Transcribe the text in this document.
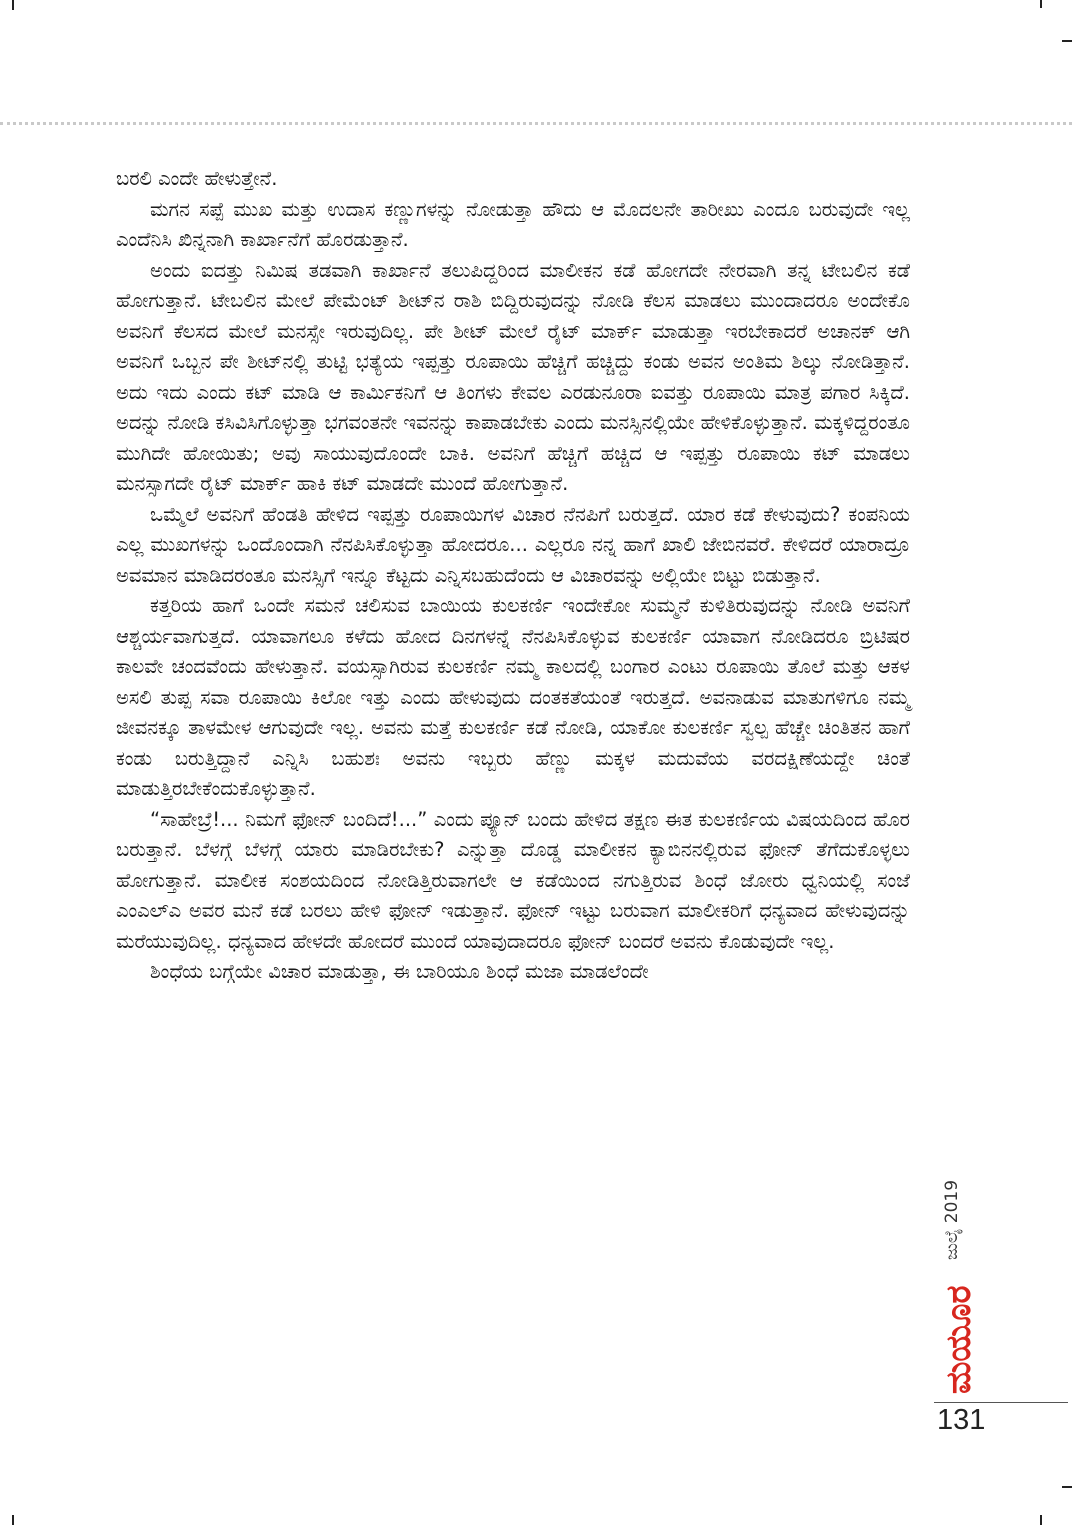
ಬರಲಿ ಎಂದೇ ಹೇಳುತ್ತೇನೆ.

ಮಗನ ಸಪ್ಪೆ ಮುಖ ಮತ್ತು ಉದಾಸ ಕಣ್ಣುಗಳನ್ನು ನೋಡುತ್ತಾ ಹೌದು ಆ ಮೊದಲನೇ ತಾರೀಖು ಎಂದೂ ಬರುವುದೇ ಇಲ್ಲ ಎಂದೆನಿಸಿ ಖಿನ್ನನಾಗಿ ಕಾರ್ಖಾನೆಗೆ ಹೊರಡುತ್ತಾನೆ.

ಅಂದು ಐದತ್ತು ನಿಮಿಷ ತಡವಾಗಿ ಕಾರ್ಖಾನೆ ತಲುಪಿದ್ದರಿಂದ ಮಾಲೀಕನ ಕಡೆ ಹೋಗದೇ ನೇರವಾಗಿ ತನ್ನ ಟೇಬಲಿನ ಕಡೆ ಹೋಗುತ್ತಾನೆ. ಟೇಬಲಿನ ಮೇಲೆ ಪೇಮೆಂಟ್ ಶೀಟ್‌ನ ರಾಶಿ ಬಿದ್ದಿರುವುದನ್ನು ನೋಡಿ ಕೆಲಸ ಮಾಡಲು ಮುಂದಾದರೂ ಅಂದೇಕೊ ಅವನಿಗೆ ಕೆಲಸದ ಮೇಲೆ ಮನಸ್ಸೇ ಇರುವುದಿಲ್ಲ. ಪೇ ಶೀಟ್ ಮೇಲೆ ರೈಟ್ ಮಾರ್ಕ್ ಮಾಡುತ್ತಾ ಇರಬೇಕಾದರೆ ಅಚಾನಕ್ ಆಗಿ ಅವನಿಗೆ ಒಬ್ಬನ ಪೇ ಶೀಟ್‌ನಲ್ಲಿ ತುಟ್ಟಿ ಭತ್ಯೆಯ ಇಪ್ಪತ್ತು ರೂಪಾಯಿ ಹೆಚ್ಚಿಗೆ ಹಚ್ಚಿದ್ದು ಕಂಡು ಅವನ ಅಂತಿಮ ಶಿಲ್ಕು ನೋಡಿತ್ತಾನೆ. ಅದು ಇದು ಎಂದು ಕಟ್ ಮಾಡಿ ಆ ಕಾರ್ಮಿಕನಿಗೆ ಆ ತಿಂಗಳು ಕೇವಲ ಎರಡುನೂರಾ ಐವತ್ತು ರೂಪಾಯಿ ಮಾತ್ರ ಪಗಾರ ಸಿಕ್ಕಿದೆ. ಅದನ್ನು ನೋಡಿ ಕಸಿವಿಸಿಗೊಳ್ಳುತ್ತಾ ಭಗವಂತನೇ ಇವನನ್ನು ಕಾಪಾಡಬೇಕು ಎಂದು ಮನಸ್ಸಿನಲ್ಲಿಯೇ ಹೇಳಿಕೊಳ್ಳುತ್ತಾನೆ. ಮಕ್ಕಳಿದ್ದರಂತೂ ಮುಗಿದೇ ಹೋಯಿತು; ಅವು ಸಾಯುವುದೊಂದೇ ಬಾಕಿ. ಅವನಿಗೆ ಹೆಚ್ಚಿಗೆ ಹಚ್ಚಿದ ಆ ಇಪ್ಪತ್ತು ರೂಪಾಯಿ ಕಟ್ ಮಾಡಲು ಮನಸ್ಸಾಗದೇ ರೈಟ್ ಮಾರ್ಕ್ ಹಾಕಿ ಕಟ್ ಮಾಡದೇ ಮುಂದೆ ಹೋಗುತ್ತಾನೆ.

ಒಮ್ಮೆಲೆ ಅವನಿಗೆ ಹೆಂಡತಿ ಹೇಳಿದ ಇಪ್ಪತ್ತು ರೂಪಾಯಿಗಳ ವಿಚಾರ ನೆನಪಿಗೆ ಬರುತ್ತದೆ. ಯಾರ ಕಡೆ ಕೇಳುವುದು? ಕಂಪನಿಯ ಎಲ್ಲ ಮುಖಗಳನ್ನು ಒಂದೊಂದಾಗಿ ನೆನಪಿಸಿಕೊಳ್ಳುತ್ತಾ ಹೋದರೂ... ಎಲ್ಲರೂ ನನ್ನ ಹಾಗೆ ಖಾಲಿ ಜೇಬಿನವರೆ. ಕೇಳಿದರೆ ಯಾರಾದ್ರೂ ಅವಮಾನ ಮಾಡಿದರಂತೂ ಮನಸ್ಸಿಗೆ ಇನ್ನೂ ಕೆಟ್ಟದು ಎನ್ನಿಸಬಹುದೆಂದು ಆ ವಿಚಾರವನ್ನು ಅಲ್ಲಿಯೇ ಬಿಟ್ಟು ಬಿಡುತ್ತಾನೆ.

ಕತ್ತರಿಯ ಹಾಗೆ ಒಂದೇ ಸಮನೆ ಚಲಿಸುವ ಬಾಯಿಯ ಕುಲಕರ್ಣಿ ಇಂದೇಕೋ ಸುಮ್ಮನೆ ಕುಳಿತಿರುವುದನ್ನು ನೋಡಿ ಅವನಿಗೆ ಆಶ್ಚರ್ಯವಾಗುತ್ತದೆ. ಯಾವಾಗಲೂ ಕಳೆದು ಹೋದ ದಿನಗಳನ್ನೆ ನೆನಪಿಸಿಕೊಳ್ಳುವ ಕುಲಕರ್ಣಿ ಯಾವಾಗ ನೋಡಿದರೂ ಬ್ರಿಟಿಷರ ಕಾಲವೇ ಚಂದವೆಂದು ಹೇಳುತ್ತಾನೆ. ವಯಸ್ಸಾಗಿರುವ ಕುಲಕರ್ಣಿ ನಮ್ಮ ಕಾಲದಲ್ಲಿ ಬಂಗಾರ ಎಂಟು ರೂಪಾಯಿ ತೊಲೆ ಮತ್ತು ಆಕಳ ಅಸಲಿ ತುಪ್ಪ ಸವಾ ರೂಪಾಯಿ ಕಿಲೋ ಇತ್ತು ಎಂದು ಹೇಳುವುದು ದಂತಕತೆಯಂತೆ ಇರುತ್ತದೆ. ಅವನಾಡುವ ಮಾತುಗಳಿಗೂ ನಮ್ಮ ಜೀವನಕ್ಕೂ ತಾಳಮೇಳ ಆಗುವುದೇ ಇಲ್ಲ. ಅವನು ಮತ್ತೆ ಕುಲಕರ್ಣಿ ಕಡೆ ನೋಡಿ, ಯಾಕೋ ಕುಲಕರ್ಣಿ ಸ್ವಲ್ಪ ಹೆಚ್ಚೇ ಚಿಂತಿತನ ಹಾಗೆ ಕಂಡು ಬರುತ್ತಿದ್ದಾನೆ ಎನ್ನಿಸಿ ಬಹುಶಃ ಅವನು ಇಬ್ಬರು ಹೆಣ್ಣು ಮಕ್ಕಳ ಮದುವೆಯ ವರದಕ್ಷಿಣೆಯದ್ದೇ ಚಿಂತೆ ಮಾಡುತ್ತಿರಬೇಕೆಂದುಕೊಳ್ಳುತ್ತಾನೆ.

“ಸಾಹೇಬ್ರೆ!... ನಿಮಗೆ ಫೋನ್ ಬಂದಿದೆ!...” ಎಂದು ಪ್ಯೂನ್ ಬಂದು ಹೇಳಿದ ತಕ್ಷಣ ಈತ ಕುಲಕರ್ಣಿಯ ವಿಷಯದಿಂದ ಹೊರ ಬರುತ್ತಾನೆ. ಬೆಳಗ್ಗೆ ಬೆಳಗ್ಗೆ ಯಾರು ಮಾಡಿರಬೇಕು? ಎನ್ನುತ್ತಾ ದೊಡ್ಡ ಮಾಲೀಕನ ಕ್ಯಾಬಿನನಲ್ಲಿರುವ ಫೋನ್ ತೆಗೆದುಕೊಳ್ಳಲು ಹೋಗುತ್ತಾನೆ. ಮಾಲೀಕ ಸಂಶಯದಿಂದ ನೋಡಿತ್ತಿರುವಾಗಲೇ ಆ ಕಡೆಯಿಂದ ನಗುತ್ತಿರುವ ಶಿಂಧೆ ಜೋರು ಧ್ವನಿಯಲ್ಲಿ ಸಂಜೆ ಎಂಎಲ್ಎ ಅವರ ಮನೆ ಕಡೆ ಬರಲು ಹೇಳಿ ಫೋನ್ ಇಡುತ್ತಾನೆ. ಫೋನ್ ಇಟ್ಟು ಬರುವಾಗ ಮಾಲೀಕರಿಗೆ ಧನ್ಯವಾದ ಹೇಳುವುದನ್ನು ಮರೆಯುವುದಿಲ್ಲ. ಧನ್ಯವಾದ ಹೇಳದೇ ಹೋದರೆ ಮುಂದೆ ಯಾವುದಾದರೂ ಫೋನ್ ಬಂದರೆ ಅವನು ಕೊಡುವುದೇ ಇಲ್ಲ.

ಶಿಂಧೆಯ ಬಗ್ಗೆಯೇ ವಿಚಾರ ಮಾಡುತ್ತಾ, ಈ ಬಾರಿಯೂ ಶಿಂಧೆ ಮಜಾ ಮಾಡಲೆಂದೇ

ಜುಲೈ 2019
ಮಯೂರ
131
